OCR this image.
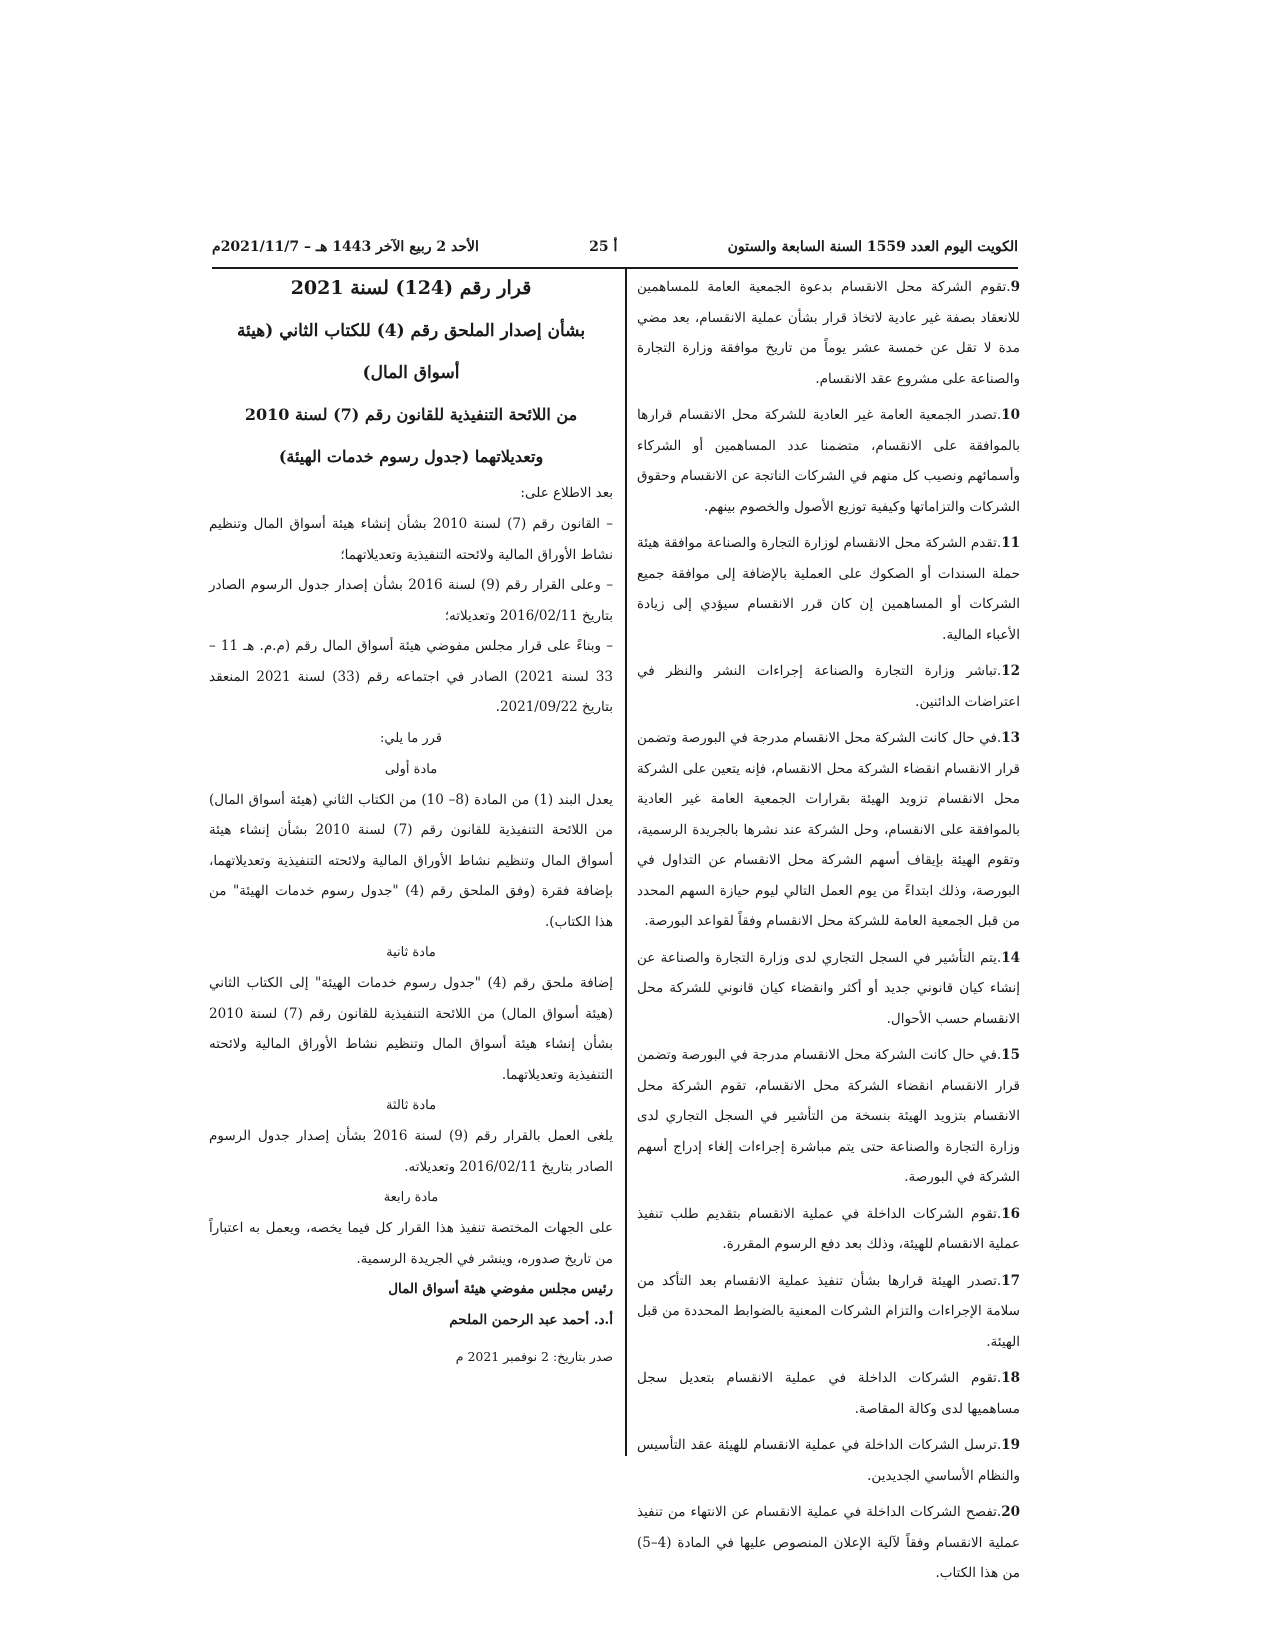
الكويت اليوم العدد 1559 السنة السابعة والستون
أ 25
الأحد 2 ربيع الآخر 1443 هـ – 2021/11/7م

9.تقوم الشركة محل الانقسام بدعوة الجمعية العامة للمساهمين للانعقاد بصفة غير عادية لاتخاذ قرار بشأن عملية الانقسام، بعد مضي مدة لا تقل عن خمسة عشر يوماً من تاريخ موافقة وزارة التجارة والصناعة على مشروع عقد الانقسام.

10.تصدر الجمعية العامة غير العادية للشركة محل الانقسام قرارها بالموافقة على الانقسام، متضمنا عدد المساهمين أو الشركاء وأسمائهم ونصيب كل منهم في الشركات الناتجة عن الانقسام وحقوق الشركات والتزاماتها وكيفية توزيع الأصول والخصوم بينهم.

11.تقدم الشركة محل الانقسام لوزارة التجارة والصناعة موافقة هيئة حملة السندات أو الصكوك على العملية بالإضافة إلى موافقة جميع الشركات أو المساهمين إن كان قرر الانقسام سيؤدي إلى زيادة الأعباء المالية.

12.تباشر وزارة التجارة والصناعة إجراءات النشر والنظر في اعتراضات الدائنين.

13.في حال كانت الشركة محل الانقسام مدرجة في البورصة وتضمن قرار الانقسام انقضاء الشركة محل الانقسام، فإنه يتعين على الشركة محل الانقسام تزويد الهيئة بقرارات الجمعية العامة غير العادية بالموافقة على الانقسام، وحل الشركة عند نشرها بالجريدة الرسمية، وتقوم الهيئة بإيقاف أسهم الشركة محل الانقسام عن التداول في البورصة، وذلك ابتداءً من يوم العمل التالي ليوم حيازة السهم المحدد من قبل الجمعية العامة للشركة محل الانقسام وفقاً لقواعد البورصة.

14.يتم التأشير في السجل التجاري لدى وزارة التجارة والصناعة عن إنشاء كيان قانوني جديد أو أكثر وانقضاء كيان قانوني للشركة محل الانقسام حسب الأحوال.

15.في حال كانت الشركة محل الانقسام مدرجة في البورصة وتضمن قرار الانقسام انقضاء الشركة محل الانقسام، تقوم الشركة محل الانقسام بتزويد الهيئة بنسخة من التأشير في السجل التجاري لدى وزارة التجارة والصناعة حتى يتم مباشرة إجراءات إلغاء إدراج أسهم الشركة في البورصة.

16.تقوم الشركات الداخلة في عملية الانقسام بتقديم طلب تنفيذ عملية الانقسام للهيئة، وذلك بعد دفع الرسوم المقررة.

17.تصدر الهيئة قرارها بشأن تنفيذ عملية الانقسام بعد التأكد من سلامة الإجراءات والتزام الشركات المعنية بالضوابط المحددة من قبل الهيئة.

18.تقوم الشركات الداخلة في عملية الانقسام بتعديل سجل مساهميها لدى وكالة المقاصة.

19.ترسل الشركات الداخلة في عملية الانقسام للهيئة عقد التأسيس والنظام الأساسي الجديدين.

20.تفصح الشركات الداخلة في عملية الانقسام عن الانتهاء من تنفيذ عملية الانقسام وفقاً لآلية الإعلان المنصوص عليها في المادة (4–5) من هذا الكتاب.

قرار رقم (124) لسنة 2021

بشأن إصدار الملحق رقم (4) للكتاب الثاني (هيئة

أسواق المال)

من اللائحة التنفيذية للقانون رقم (7) لسنة 2010

وتعديلاتهما (جدول رسوم خدمات الهيئة)

بعد الاطلاع على:

– القانون رقم (7) لسنة 2010 بشأن إنشاء هيئة أسواق المال وتنظيم نشاط الأوراق المالية ولائحته التنفيذية وتعديلاتهما؛

– وعلى القرار رقم (9) لسنة 2016 بشأن إصدار جدول الرسوم الصادر بتاريخ 2016/02/11 وتعديلاته؛

– وبناءً على قرار مجلس مفوضي هيئة أسواق المال رقم (م.م. هـ 11 – 33 لسنة 2021) الصادر في اجتماعه رقم (33) لسنة 2021 المنعقد بتاريخ 2021/09/22.

قرر ما يلي:

مادة أولى

يعدل البند (1) من المادة (8– 10) من الكتاب الثاني (هيئة أسواق المال) من اللائحة التنفيذية للقانون رقم (7) لسنة 2010 بشأن إنشاء هيئة أسواق المال وتنظيم نشاط الأوراق المالية ولائحته التنفيذية وتعديلاتهما، بإضافة فقرة (وفق الملحق رقم (4) "جدول رسوم خدمات الهيئة" من هذا الكتاب).

مادة ثانية

إضافة ملحق رقم (4) "جدول رسوم خدمات الهيئة" إلى الكتاب الثاني (هيئة أسواق المال) من اللائحة التنفيذية للقانون رقم (7) لسنة 2010 بشأن إنشاء هيئة أسواق المال وتنظيم نشاط الأوراق المالية ولائحته التنفيذية وتعديلاتهما.

مادة ثالثة

يلغى العمل بالقرار رقم (9) لسنة 2016 بشأن إصدار جدول الرسوم الصادر بتاريخ 2016/02/11 وتعديلاته.

مادة رابعة

على الجهات المختصة تنفيذ هذا القرار كل فيما يخصه، ويعمل به اعتباراً من تاريخ صدوره، وينشر في الجريدة الرسمية.

رئيس مجلس مفوضي هيئة أسواق المال

أ.د. أحمد عبد الرحمن الملحم

صدر بتاريخ: 2 نوفمبر 2021 م
